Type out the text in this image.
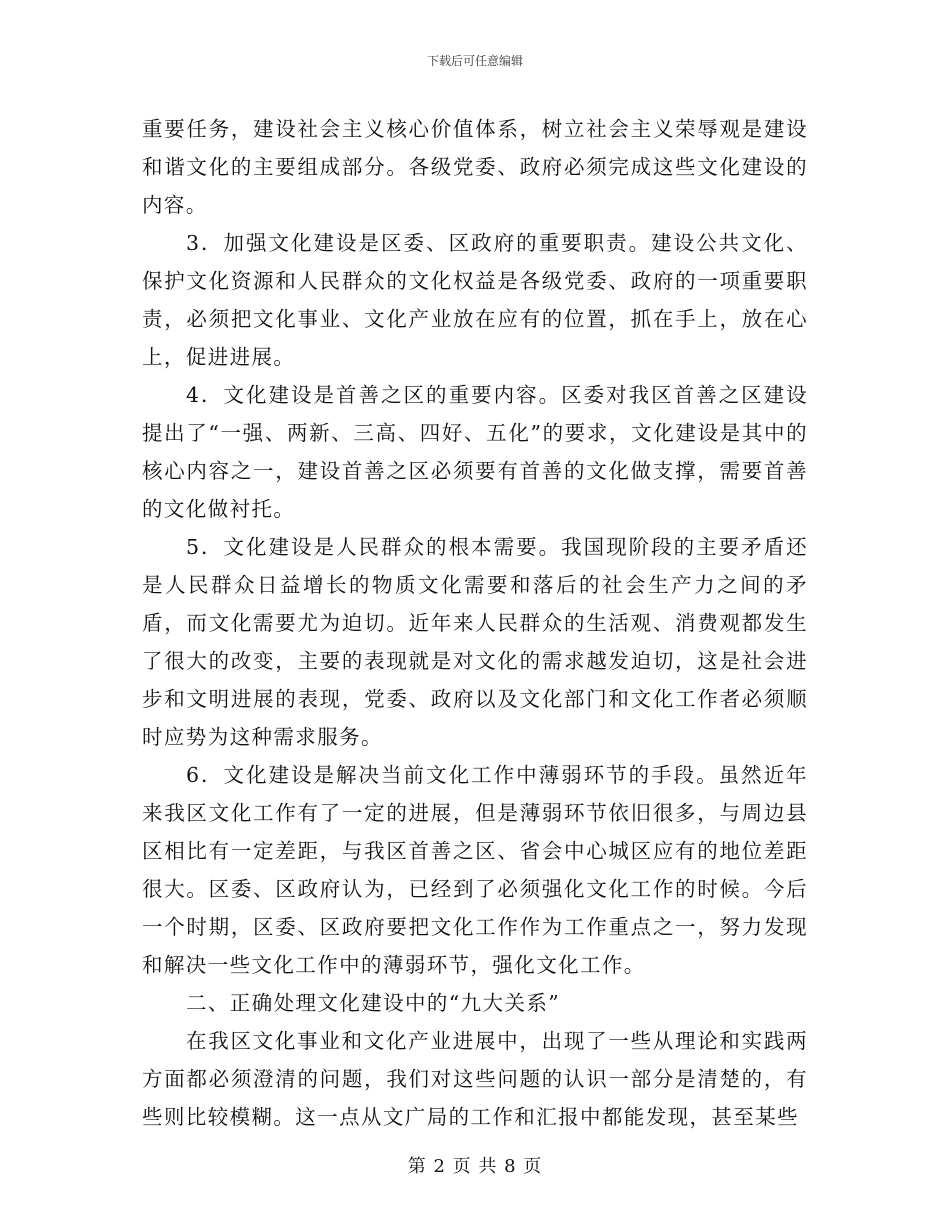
下载后可任意编辑

重要任务，建设社会主义核心价值体系，树立社会主义荣辱观是建设和谐文化的主要组成部分。各级党委、政府必须完成这些文化建设的内容。

3．加强文化建设是区委、区政府的重要职责。建设公共文化、保护文化资源和人民群众的文化权益是各级党委、政府的一项重要职责，必须把文化事业、文化产业放在应有的位置，抓在手上，放在心上，促进进展。

4．文化建设是首善之区的重要内容。区委对我区首善之区建设提出了“一强、两新、三高、四好、五化”的要求，文化建设是其中的核心内容之一，建设首善之区必须要有首善的文化做支撑，需要首善的文化做衬托。

5．文化建设是人民群众的根本需要。我国现阶段的主要矛盾还是人民群众日益增长的物质文化需要和落后的社会生产力之间的矛盾，而文化需要尤为迫切。近年来人民群众的生活观、消费观都发生了很大的改变，主要的表现就是对文化的需求越发迫切，这是社会进步和文明进展的表现，党委、政府以及文化部门和文化工作者必须顺时应势为这种需求服务。

6．文化建设是解决当前文化工作中薄弱环节的手段。虽然近年来我区文化工作有了一定的进展，但是薄弱环节依旧很多，与周边县区相比有一定差距，与我区首善之区、省会中心城区应有的地位差距很大。区委、区政府认为，已经到了必须强化文化工作的时候。今后一个时期，区委、区政府要把文化工作作为工作重点之一，努力发现和解决一些文化工作中的薄弱环节，强化文化工作。

二、正确处理文化建设中的“九大关系”

在我区文化事业和文化产业进展中，出现了一些从理论和实践两方面都必须澄清的问题，我们对这些问题的认识一部分是清楚的，有些则比较模糊。这一点从文广局的工作和汇报中都能发现，甚至某些

第 2 页 共 8 页
